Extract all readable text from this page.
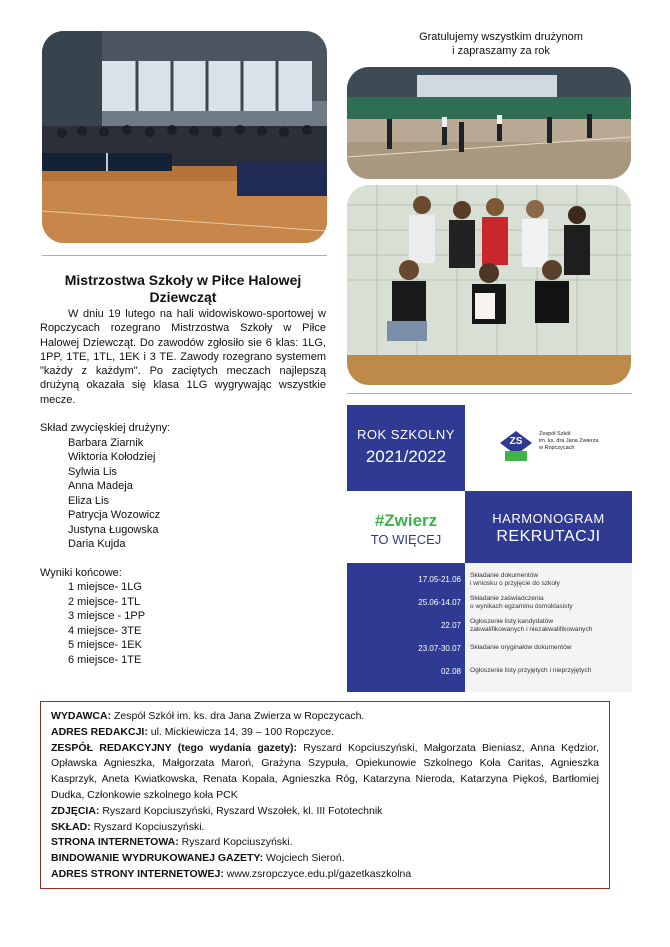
Mistrzostwa Szkoły w Piłce Halowej
Dziewcząt
W dniu 19 lutego na hali widowiskowo-sportowej w Ropczycach rozegrano Mistrzostwa Szkoły w Piłce Halowej Dziewcząt. Do zawodów zgłosiło sie 6 klas: 1LG, 1PP, 1TE, 1TL, 1EK i 3 TE. Zawody rozegrano systemem "każdy z każdym". Po zaciętych meczach najlepszą drużyną okazała się klasa 1LG wygrywając wszystkie mecze.
Skład zwycięskiej drużyny:
Barbara Ziarnik
Wiktoria Kołodziej
Sylwia Lis
Anna Madeja
Eliza Lis
Patrycja Wozowicz
Justyna Ługowska
Daria Kujda
Wyniki końcowe:
1 miejsce- 1LG
2 miejsce- 1TL
3 miejsce - 1PP
4 miejsce- 3TE
5 miejsce- 1EK
6 miejsce- 1TE
Gratulujemy wszystkim drużynom
i zapraszamy za rok
ROK SZKOLNY
2021/2022
ZS
Zespół Szkół
im. ks. dra Jana Zwierza
w Ropczycach
#Zwierz
TO WIĘCEJ
HARMONOGRAM
REKRUTACJI
17.05-21.06 Składanie dokumentów
i wniosku o przyjęcie do szkoły
25.06-14.07 Składanie zaświadczenia
o wynikach egzaminu ósmoklasisty
22.07 Ogłoszenie listy kandydatów
zakwalifikowanych i niezakwalifikowanych
23.07-30.07 Składanie oryginałów dokumentów
02.08 Ogłoszenie listy przyjętych i nieprzyjętych
WYDAWCA: Zespół Szkół im. ks. dra Jana Zwierza w Ropczycach.
ADRES REDAKCJI: ul. Mickiewicza 14, 39 – 100 Ropczyce.
ZESPÓŁ REDAKCYJNY (tego wydania gazety): Ryszard Kopciuszyński, Małgorzata Bieniasz, Anna Kędzior, Opławska Agnieszka, Małgorzata Maroń, Grażyna Szypuła, Opiekunowie Szkolnego Koła Caritas, Agnieszka Kasprzyk, Aneta Kwiatkowska, Renata Kopala, Agnieszka Róg, Katarzyna Nieroda, Katarzyna Piękoś, Bartłomiej Dudka, Członkowie szkolnego koła PCK
ZDJĘCIA: Ryszard Kopciuszyński, Ryszard Wszołek, kl. III Fototechnik
SKŁAD: Ryszard Kopciuszyński.
STRONA INTERNETOWA: Ryszard Kopciuszyński.
BINDOWANIE WYDRUKOWANEJ GAZETY: Wojciech Sieroń.
ADRES STRONY INTERNETOWEJ: www.zsropczyce.edu.pl/gazetkaszkolna
